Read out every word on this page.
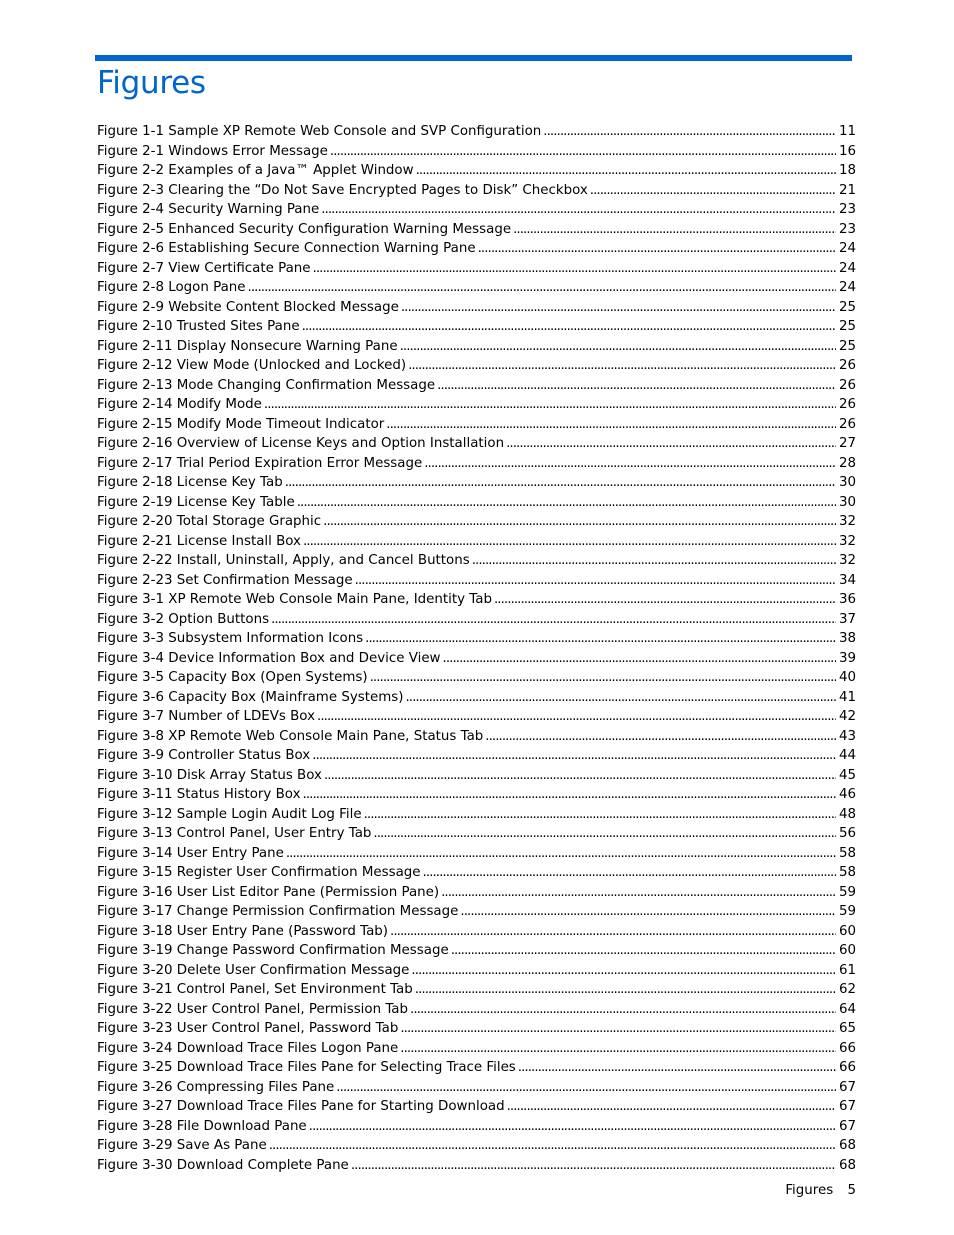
Figures
Figure 1-1 Sample XP Remote Web Console and SVP Configuration . . .	11
Figure 2-1 Windows Error Message . . .	16
Figure 2-2 Examples of a Java™ Applet Window . . .	18
Figure 2-3 Clearing the “Do Not Save Encrypted Pages to Disk” Checkbox . . .	21
Figure 2-4 Security Warning Pane . . .	23
Figure 2-5 Enhanced Security Configuration Warning Message . . .	23
Figure 2-6 Establishing Secure Connection Warning Pane . . .	24
Figure 2-7 View Certificate Pane . . .	24
Figure 2-8 Logon Pane . . .	24
Figure 2-9 Website Content Blocked Message . . .	25
Figure 2-10 Trusted Sites Pane . . .	25
Figure 2-11 Display Nonsecure Warning Pane . . .	25
Figure 2-12 View Mode (Unlocked and Locked) . . .	26
Figure 2-13 Mode Changing Confirmation Message . . .	26
Figure 2-14 Modify Mode . . .	26
Figure 2-15 Modify Mode Timeout Indicator . . .	26
Figure 2-16 Overview of License Keys and Option Installation . . .	27
Figure 2-17 Trial Period Expiration Error Message . . .	28
Figure 2-18 License Key Tab . . .	30
Figure 2-19 License Key Table . . .	30
Figure 2-20 Total Storage Graphic . . .	32
Figure 2-21 License Install Box . . .	32
Figure 2-22 Install, Uninstall, Apply, and Cancel Buttons . . .	32
Figure 2-23 Set Confirmation Message . . .	34
Figure 3-1 XP Remote Web Console Main Pane, Identity Tab . . .	36
Figure 3-2 Option Buttons . . .	37
Figure 3-3 Subsystem Information Icons . . .	38
Figure 3-4 Device Information Box and Device View . . .	39
Figure 3-5 Capacity Box (Open Systems) . . .	40
Figure 3-6 Capacity Box (Mainframe Systems) . . .	41
Figure 3-7 Number of LDEVs Box . . .	42
Figure 3-8 XP Remote Web Console Main Pane, Status Tab . . .	43
Figure 3-9 Controller Status Box . . .	44
Figure 3-10 Disk Array Status Box . . .	45
Figure 3-11 Status History Box . . .	46
Figure 3-12 Sample Login Audit Log File . . .	48
Figure 3-13 Control Panel, User Entry Tab . . .	56
Figure 3-14 User Entry Pane . . .	58
Figure 3-15 Register User Confirmation Message . . .	58
Figure 3-16 User List Editor Pane (Permission Pane) . . .	59
Figure 3-17 Change Permission Confirmation Message . . .	59
Figure 3-18 User Entry Pane (Password Tab) . . .	60
Figure 3-19 Change Password Confirmation Message . . .	60
Figure 3-20 Delete User Confirmation Message . . .	61
Figure 3-21 Control Panel, Set Environment Tab . . .	62
Figure 3-22 User Control Panel, Permission Tab . . .	64
Figure 3-23 User Control Panel, Password Tab . . .	65
Figure 3-24 Download Trace Files Logon Pane . . .	66
Figure 3-25 Download Trace Files Pane for Selecting Trace Files . . .	66
Figure 3-26 Compressing Files Pane . . .	67
Figure 3-27 Download Trace Files Pane for Starting Download . . .	67
Figure 3-28 File Download Pane . . .	67
Figure 3-29 Save As Pane . . .	68
Figure 3-30 Download Complete Pane . . .	68
Figures 5
